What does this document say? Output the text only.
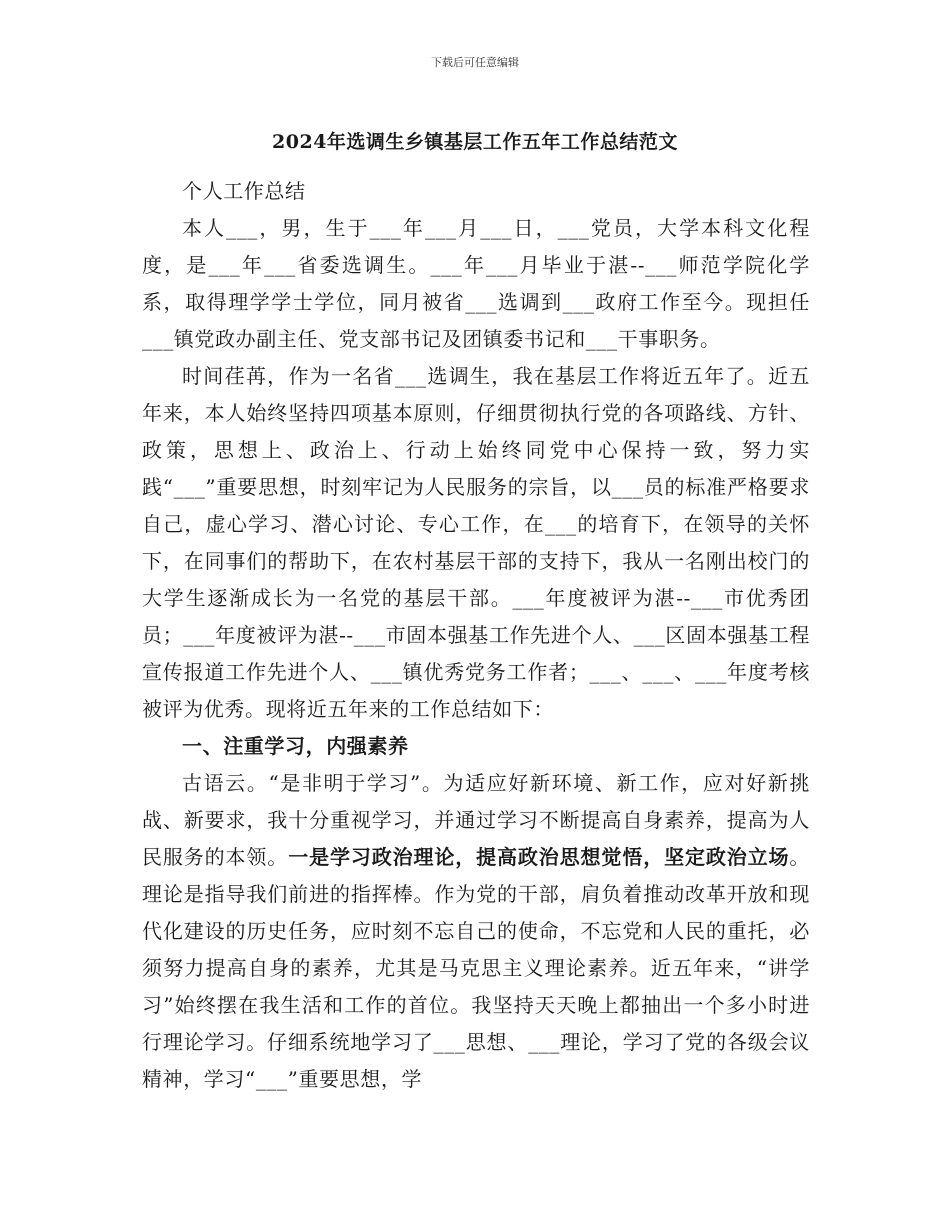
下载后可任意编辑
2024年选调生乡镇基层工作五年工作总结范文

个人工作总结

本人___，男，生于___年___月___日，___党员，大学本科文化程度，是___年___省委选调生。___年___月毕业于湛--___师范学院化学系，取得理学学士学位，同月被省___选调到___政府工作至今。现担任___镇党政办副主任、党支部书记及团镇委书记和___干事职务。

时间荏苒，作为一名省___选调生，我在基层工作将近五年了。近五年来，本人始终坚持四项基本原则，仔细贯彻执行党的各项路线、方针、政策，思想上、政治上、行动上始终同党中心保持一致，努力实践“___”重要思想，时刻牢记为人民服务的宗旨，以___员的标准严格要求自己，虚心学习、潜心讨论、专心工作，在___的培育下，在领导的关怀下，在同事们的帮助下，在农村基层干部的支持下，我从一名刚出校门的大学生逐渐成长为一名党的基层干部。___年度被评为湛--___市优秀团员；___年度被评为湛--___市固本强基工作先进个人、___区固本强基工程宣传报道工作先进个人、___镇优秀党务工作者；___、___、___年度考核被评为优秀。现将近五年来的工作总结如下：

一、注重学习，内强素养

古语云。“是非明于学习”。为适应好新环境、新工作，应对好新挑战、新要求，我十分重视学习，并通过学习不断提高自身素养，提高为人民服务的本领。一是学习政治理论，提高政治思想觉悟，坚定政治立场。理论是指导我们前进的指挥棒。作为党的干部，肩负着推动改革开放和现代化建设的历史任务，应时刻不忘自己的使命，不忘党和人民的重托，必须努力提高自身的素养，尤其是马克思主义理论素养。近五年来，“讲学习”始终摆在我生活和工作的首位。我坚持天天晚上都抽出一个多小时进行理论学习。仔细系统地学习了___思想、___理论，学习了党的各级会议精神，学习“___”重要思想，学
